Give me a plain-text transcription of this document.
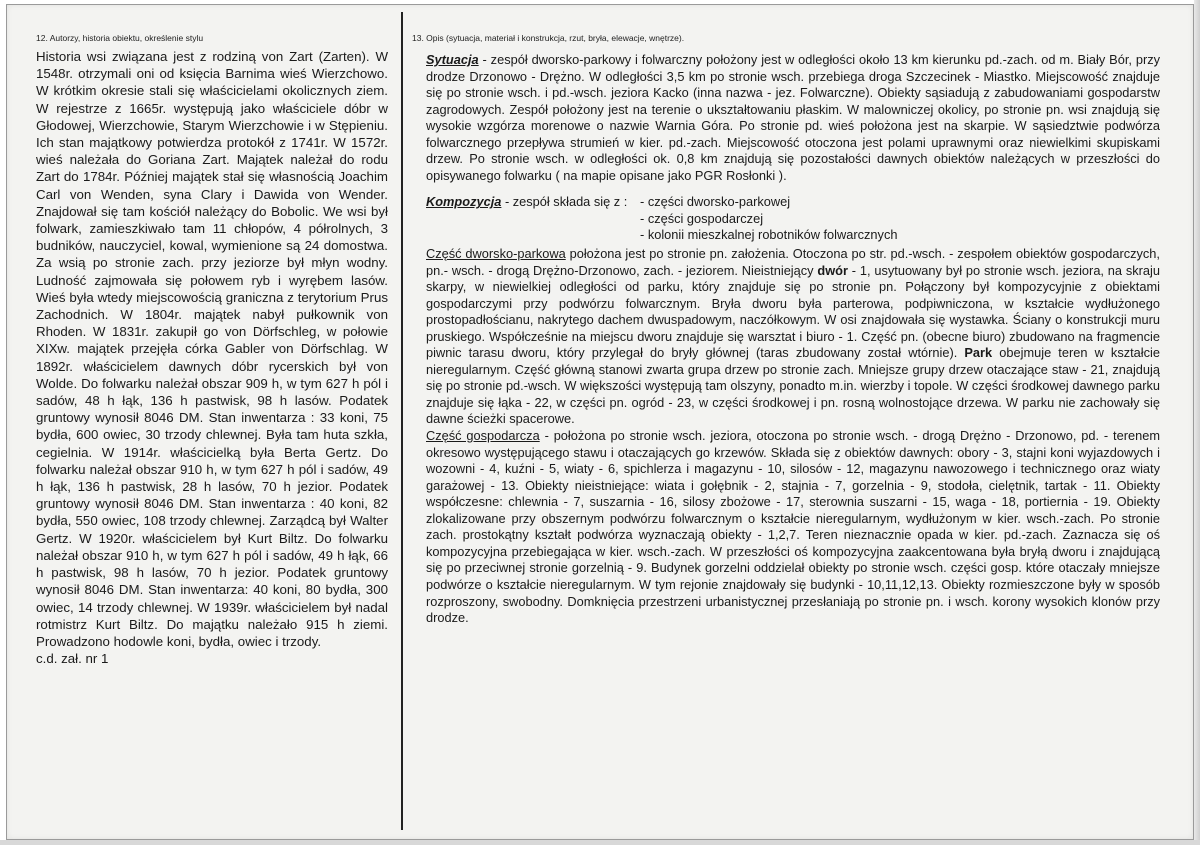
12. Autorzy, historia obiektu, określenie stylu	13. Opis (sytuacja, materiał i konstrukcja, rzut, bryła, elewacje, wnętrze).

Historia wsi związana jest z rodziną von Zart (Zarten). W 1548r. otrzymali oni od księcia Barnima wieś Wierzchowo. W krótkim okresie stali się właścicielami okolicznych ziem. W rejestrze z 1665r. występują jako właściciele dóbr w Głodowej, Wierzchowie, Starym Wierzchowie i w Stępieniu. Ich stan majątkowy potwierdza protokół z 1741r. W 1572r. wieś należała do Goriana Zart. Majątek należał do rodu Zart do 1784r. Później majątek stał się własnością Joachim Carl von Wenden, syna Clary i Dawida von Wender. Znajdował się tam kościół należący do Bobolic. We wsi był folwark, zamieszkiwało tam 11 chłopów, 4 półrolnych, 3 budników, nauczyciel, kowal, wymienione są 24 domostwa. Za wsią po stronie zach. przy jeziorze był młyn wodny. Ludność zajmowała się połowem ryb i wyrębem lasów. Wieś była wtedy miejscowością graniczna z terytorium Prus Zachodnich. W 1804r. majątek nabył pułkownik von Rhoden. W 1831r. zakupił go von Dörfschleg, w połowie XIXw. majątek przejęła córka Gabler von Dörfschlag. W 1892r. właścicielem dawnych dóbr rycerskich był von Wolde. Do folwarku należał obszar 909 h, w tym 627 h pól i sadów, 48 h łąk, 136 h pastwisk, 98 h lasów. Podatek gruntowy wynosił 8046 DM. Stan inwentarza : 33 koni, 75 bydła, 600 owiec, 30 trzody chlewnej. Była tam huta szkła, cegielnia. W 1914r. właścicielką była Berta Gertz. Do folwarku należał obszar 910 h, w tym 627 h pól i sadów, 49 h łąk, 136 h pastwisk, 28 h lasów, 70 h jezior. Podatek gruntowy wynosił 8046 DM. Stan inwentarza : 40 koni, 82 bydła, 550 owiec, 108 trzody chlewnej. Zarządcą był Walter Gertz. W 1920r. właścicielem był Kurt Biltz. Do folwarku należał obszar 910 h, w tym 627 h pól i sadów, 49 h łąk, 66 h pastwisk, 98 h lasów, 70 h jezior. Podatek gruntowy wynosił 8046 DM. Stan inwentarza: 40 koni, 80 bydła, 300 owiec, 14 trzody chlewnej. W 1939r. właścicielem był nadal rotmistrz Kurt Biltz. Do majątku należało 915 h ziemi. Prowadzono hodowle koni, bydła, owiec i trzody.

c.d. zał. nr 1

Sytuacja - zespół dworsko-parkowy i folwarczny położony jest w odległości około 13 km kierunku pd.-zach. od m. Biały Bór, przy drodze Drzonowo - Drężno. W odległości 3,5 km po stronie wsch. przebiega droga Szczecinek - Miastko. Miejscowość znajduje się po stronie wsch. i pd.-wsch. jeziora Kacko (inna nazwa - jez. Folwarczne). Obiekty sąsiadują z zabudowaniami gospodarstw zagrodowych. Zespół położony jest na terenie o ukształtowaniu płaskim. W malowniczej okolicy, po stronie pn. wsi znajdują się wysokie wzgórza morenowe o nazwie Warnia Góra. Po stronie pd. wieś położona jest na skarpie. W sąsiedztwie podwórza folwarcznego przepływa strumień w kier. pd.-zach. Miejscowość otoczona jest polami uprawnymi oraz niewielkimi skupiskami drzew. Po stronie wsch. w odległości ok. 0,8 km znajdują się pozostałości dawnych obiektów należących w przeszłości do opisywanego folwarku ( na mapie opisane jako PGR Rosłonki ).

Kompozycja - zespół składa się z : - części dworsko-parkowej
- części gospodarczej
- kolonii mieszkalnej robotników folwarcznych

Część dworsko-parkowa położona jest po stronie pn. założenia. Otoczona po str. pd.-wsch. - zespołem obiektów gospodarczych, pn.- wsch. - drogą Drężno-Drzonowo, zach. - jeziorem. Nieistniejący dwór - 1, usytuowany był po stronie wsch. jeziora, na skraju skarpy, w niewielkiej odległości od parku, który znajduje się po stronie pn. Połączony był kompozycyjnie z obiektami gospodarczymi przy podwórzu folwarcznym. Bryła dworu była parterowa, podpiwniczona, w kształcie wydłużonego prostopadłościanu, nakrytego dachem dwuspadowym, naczółkowym. W osi znajdowała się wystawka. Ściany o konstrukcji muru pruskiego. Współcześnie na miejscu dworu znajduje się warsztat i biuro - 1. Część pn. (obecne biuro) zbudowano na fragmencie piwnic tarasu dworu, który przylegał do bryły głównej (taras zbudowany został wtórnie). Park obejmuje teren w kształcie nieregularnym. Część główną stanowi zwarta grupa drzew po stronie zach. Mniejsze grupy drzew otaczające staw - 21, znajdują się po stronie pd.-wsch. W większości występują tam olszyny, ponadto m.in. wierzby i topole. W części środkowej dawnego parku znajduje się łąka - 22, w części pn. ogród - 23, w części środkowej i pn. rosną wolnostojące drzewa. W parku nie zachowały się dawne ścieżki spacerowe.

Część gospodarcza - położona po stronie wsch. jeziora, otoczona po stronie wsch. - drogą Drężno - Drzonowo, pd. - terenem okresowo występującego stawu i otaczających go krzewów. Składa się z obiektów dawnych: obory - 3, stajni koni wyjazdowych i wozowni - 4, kuźni - 5, wiaty - 6, spichlerza i magazynu - 10, silosów - 12, magazynu nawozowego i technicznego oraz wiaty garażowej - 13. Obiekty nieistniejące: wiata i gołębnik - 2, stajnia - 7, gorzelnia - 9, stodoła, cielętnik, tartak - 11. Obiekty współczesne: chlewnia - 7, suszarnia - 16, silosy zbożowe - 17, sterownia suszarni - 15, waga - 18, portiernia - 19. Obiekty zlokalizowane przy obszernym podwórzu folwarcznym o kształcie nieregularnym, wydłużonym w kier. wsch.-zach. Po stronie zach. prostokątny kształt podwórza wyznaczają obiekty - 1,2,7. Teren nieznacznie opada w kier. pd.-zach. Zaznacza się oś kompozycyjna przebiegająca w kier. wsch.-zach. W przeszłości oś kompozycyjna zaakcentowana była bryłą dworu i znajdującą się po przeciwnej stronie gorzelnią - 9. Budynek gorzelni oddzielał obiekty po stronie wsch. części gosp. które otaczały mniejsze podwórze o kształcie nieregularnym. W tym rejonie znajdowały się budynki - 10,11,12,13. Obiekty rozmieszczone były w sposób rozproszony, swobodny. Domknięcia przestrzeni urbanistycznej przesłaniają po stronie pn. i wsch. korony wysokich klonów przy drodze.
